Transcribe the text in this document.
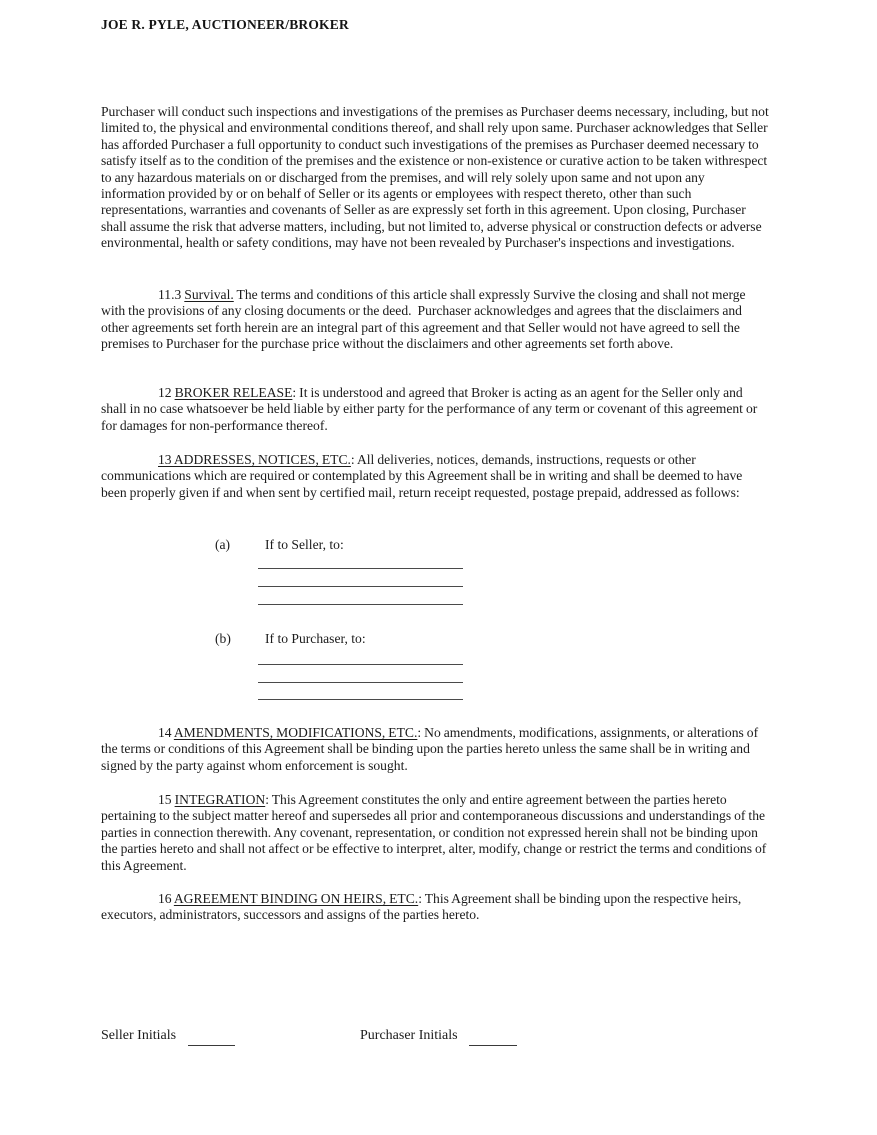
JOE R. PYLE, AUCTIONEER/BROKER

Purchaser will conduct such inspections and investigations of the premises as Purchaser deems necessary, including, but not limited to, the physical and environmental conditions thereof, and shall rely upon same. Purchaser acknowledges that Seller has afforded Purchaser a full opportunity to conduct such investigations of the premises as Purchaser deemed necessary to satisfy itself as to the condition of the premises and the existence or non-existence or curative action to be taken withrespect to any hazardous materials on or discharged from the premises, and will rely solely upon same and not upon any information provided by or on behalf of Seller or its agents or employees with respect thereto, other than such representations, warranties and covenants of Seller as are expressly set forth in this agreement. Upon closing, Purchaser shall assume the risk that adverse matters, including, but not limited to, adverse physical or construction defects or adverse environmental, health or safety conditions, may have not been revealed by Purchaser's inspections and investigations.

11.3 Survival. The terms and conditions of this article shall expressly Survive the closing and shall not merge with the provisions of any closing documents or the deed.  Purchaser acknowledges and agrees that the disclaimers and other agreements set forth herein are an integral part of this agreement and that Seller would not have agreed to sell the premises to Purchaser for the purchase price without the disclaimers and other agreements set forth above.

12 BROKER RELEASE: It is understood and agreed that Broker is acting as an agent for the Seller only and shall in no case whatsoever be held liable by either party for the performance of any term or covenant of this agreement or for damages for non-performance thereof.

13 ADDRESSES, NOTICES, ETC.: All deliveries, notices, demands, instructions, requests or other communications which are required or contemplated by this Agreement shall be in writing and shall be deemed to have been properly given if and when sent by certified mail, return receipt requested, postage prepaid, addressed as follows:

(a)	If to Seller, to:
(b)	If to Purchaser, to:

14 AMENDMENTS, MODIFICATIONS, ETC.: No amendments, modifications, assignments, or alterations of the terms or conditions of this Agreement shall be binding upon the parties hereto unless the same shall be in writing and signed by the party against whom enforcement is sought.

15 INTEGRATION: This Agreement constitutes the only and entire agreement between the parties hereto pertaining to the subject matter hereof and supersedes all prior and contemporaneous discussions and understandings of the parties in connection therewith. Any covenant, representation, or condition not expressed herein shall not be binding upon the parties hereto and shall not affect or be effective to interpret, alter, modify, change or restrict the terms and conditions of this Agreement.

16 AGREEMENT BINDING ON HEIRS, ETC.: This Agreement shall be binding upon the respective heirs, executors, administrators, successors and assigns of the parties hereto.

Seller Initials	Purchaser Initials
